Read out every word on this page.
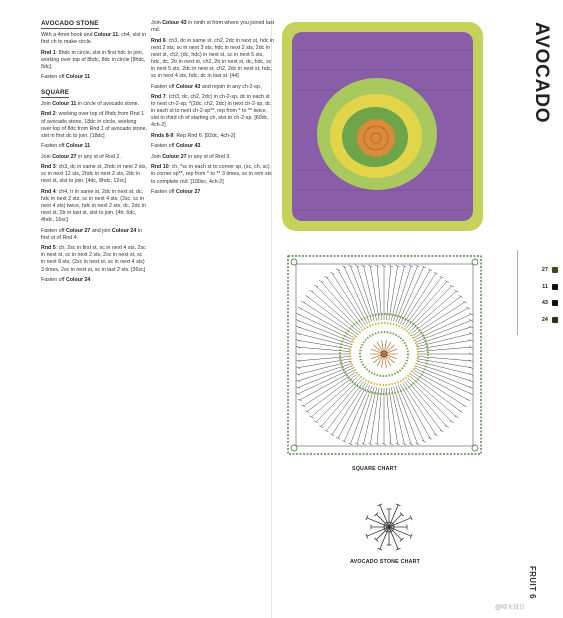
AVOCADO STONE

With a 4mm hook and Colour 11, ch4, slst in first ch to make circle.

Rnd 1: 8hdc in circle, slst in first hdc to join, working over top of 8hdc, 8dc in circle [8hdc, 8dc].

Fasten off Colour 11

SQUARE

Join Colour 11 in circle of avocado stone.

Rnd 2: working over top of 8hdc from Rnd 1 of avocado stone, 18dc in circle, working over top of 8dc from Rnd 1 of avocado stone, slst in first dc to join. [18dc]

Fasten off Colour 11

Join Colour 27 in any st of Rnd 2.

Rnd 3: ch3, dc in same st, 2hdc in next 2 sts, sc in next 12 sts, 2hdc in next 2 sts, 2dc in next st, slst to join. [4dc, 8hdc, 12sc]

Rnd 4: ch4, tr in same st, 2dc in next st, dc, hdc in next 2 sts, sc in next 4 sts, (2sc, sc in next 4 sts) twice, hdc in next 2 sts, dc, 2dc in next st, 2tr in last st, slst to join. [4tr, 6dc, 4hdc, 16sc]

Fasten off Colour 27 and join Colour 24 in first st of Rnd 4.

Rnd 5: ch, 2sc in first st, sc in next 4 sts, 2sc in next st, sc in next 2 sts, 2sc in next st, sc in next 8 sts, (2sc in next st, sc in next 4 sts) 3 times, 2sc in next st, sc in last 2 sts. [36sc]

Fasten off Colour 24

Join Colour 43 in ninth st from where you joined last rnd.

Rnd 6: ch3, dc in same st, ch2, 2dc in next st, hdc in next 2 sts, sc in next 3 sts, hdc in next 2 sts, 2dc in next st, ch2, (dc, hdc) in next st, sc in next 5 sts, hdc, dc, 2tr in next st, ch2, 2tr in next st, dc, hdc, sc in next 5 sts, 2dc in next st, ch2, 2dc in next st, hdc, sc in next 4 sts, hdc, dc in last st. [44]

Fasten off Colour 43 and rejoin in any ch-2-sp.

Rnd 7: (ch3, dc, ch2, 2dc) in ch-2-sp, dc in each st to next ch-2-sp, *(2dc, ch2, 2dc) in next ch-2-sp, dc in each st to next ch-2-sp**, rep from * to ** twice, slst to third ch of starting ch, slst to ch-2-sp. [60dc, 4ch-2]

Rnds 8-9: Rep Rnd 6. [92dc, 4ch-2]

Fasten off Colour 43.

Join Colour 27 in any st of Rnd 9.

Rnd 10: ch, *sc in each st to corner sp, (sc, ch, sc) in corner sp**, rep from * to ** 3 times, sc in rem sts to complete rnd. [100sc, 4ch-2]

Fasten off Colour 27

SQUARE CHART
AVOCADO STONE CHART
AVOCADO
27
11
43
24
FRUIT 6
@晴天设计
